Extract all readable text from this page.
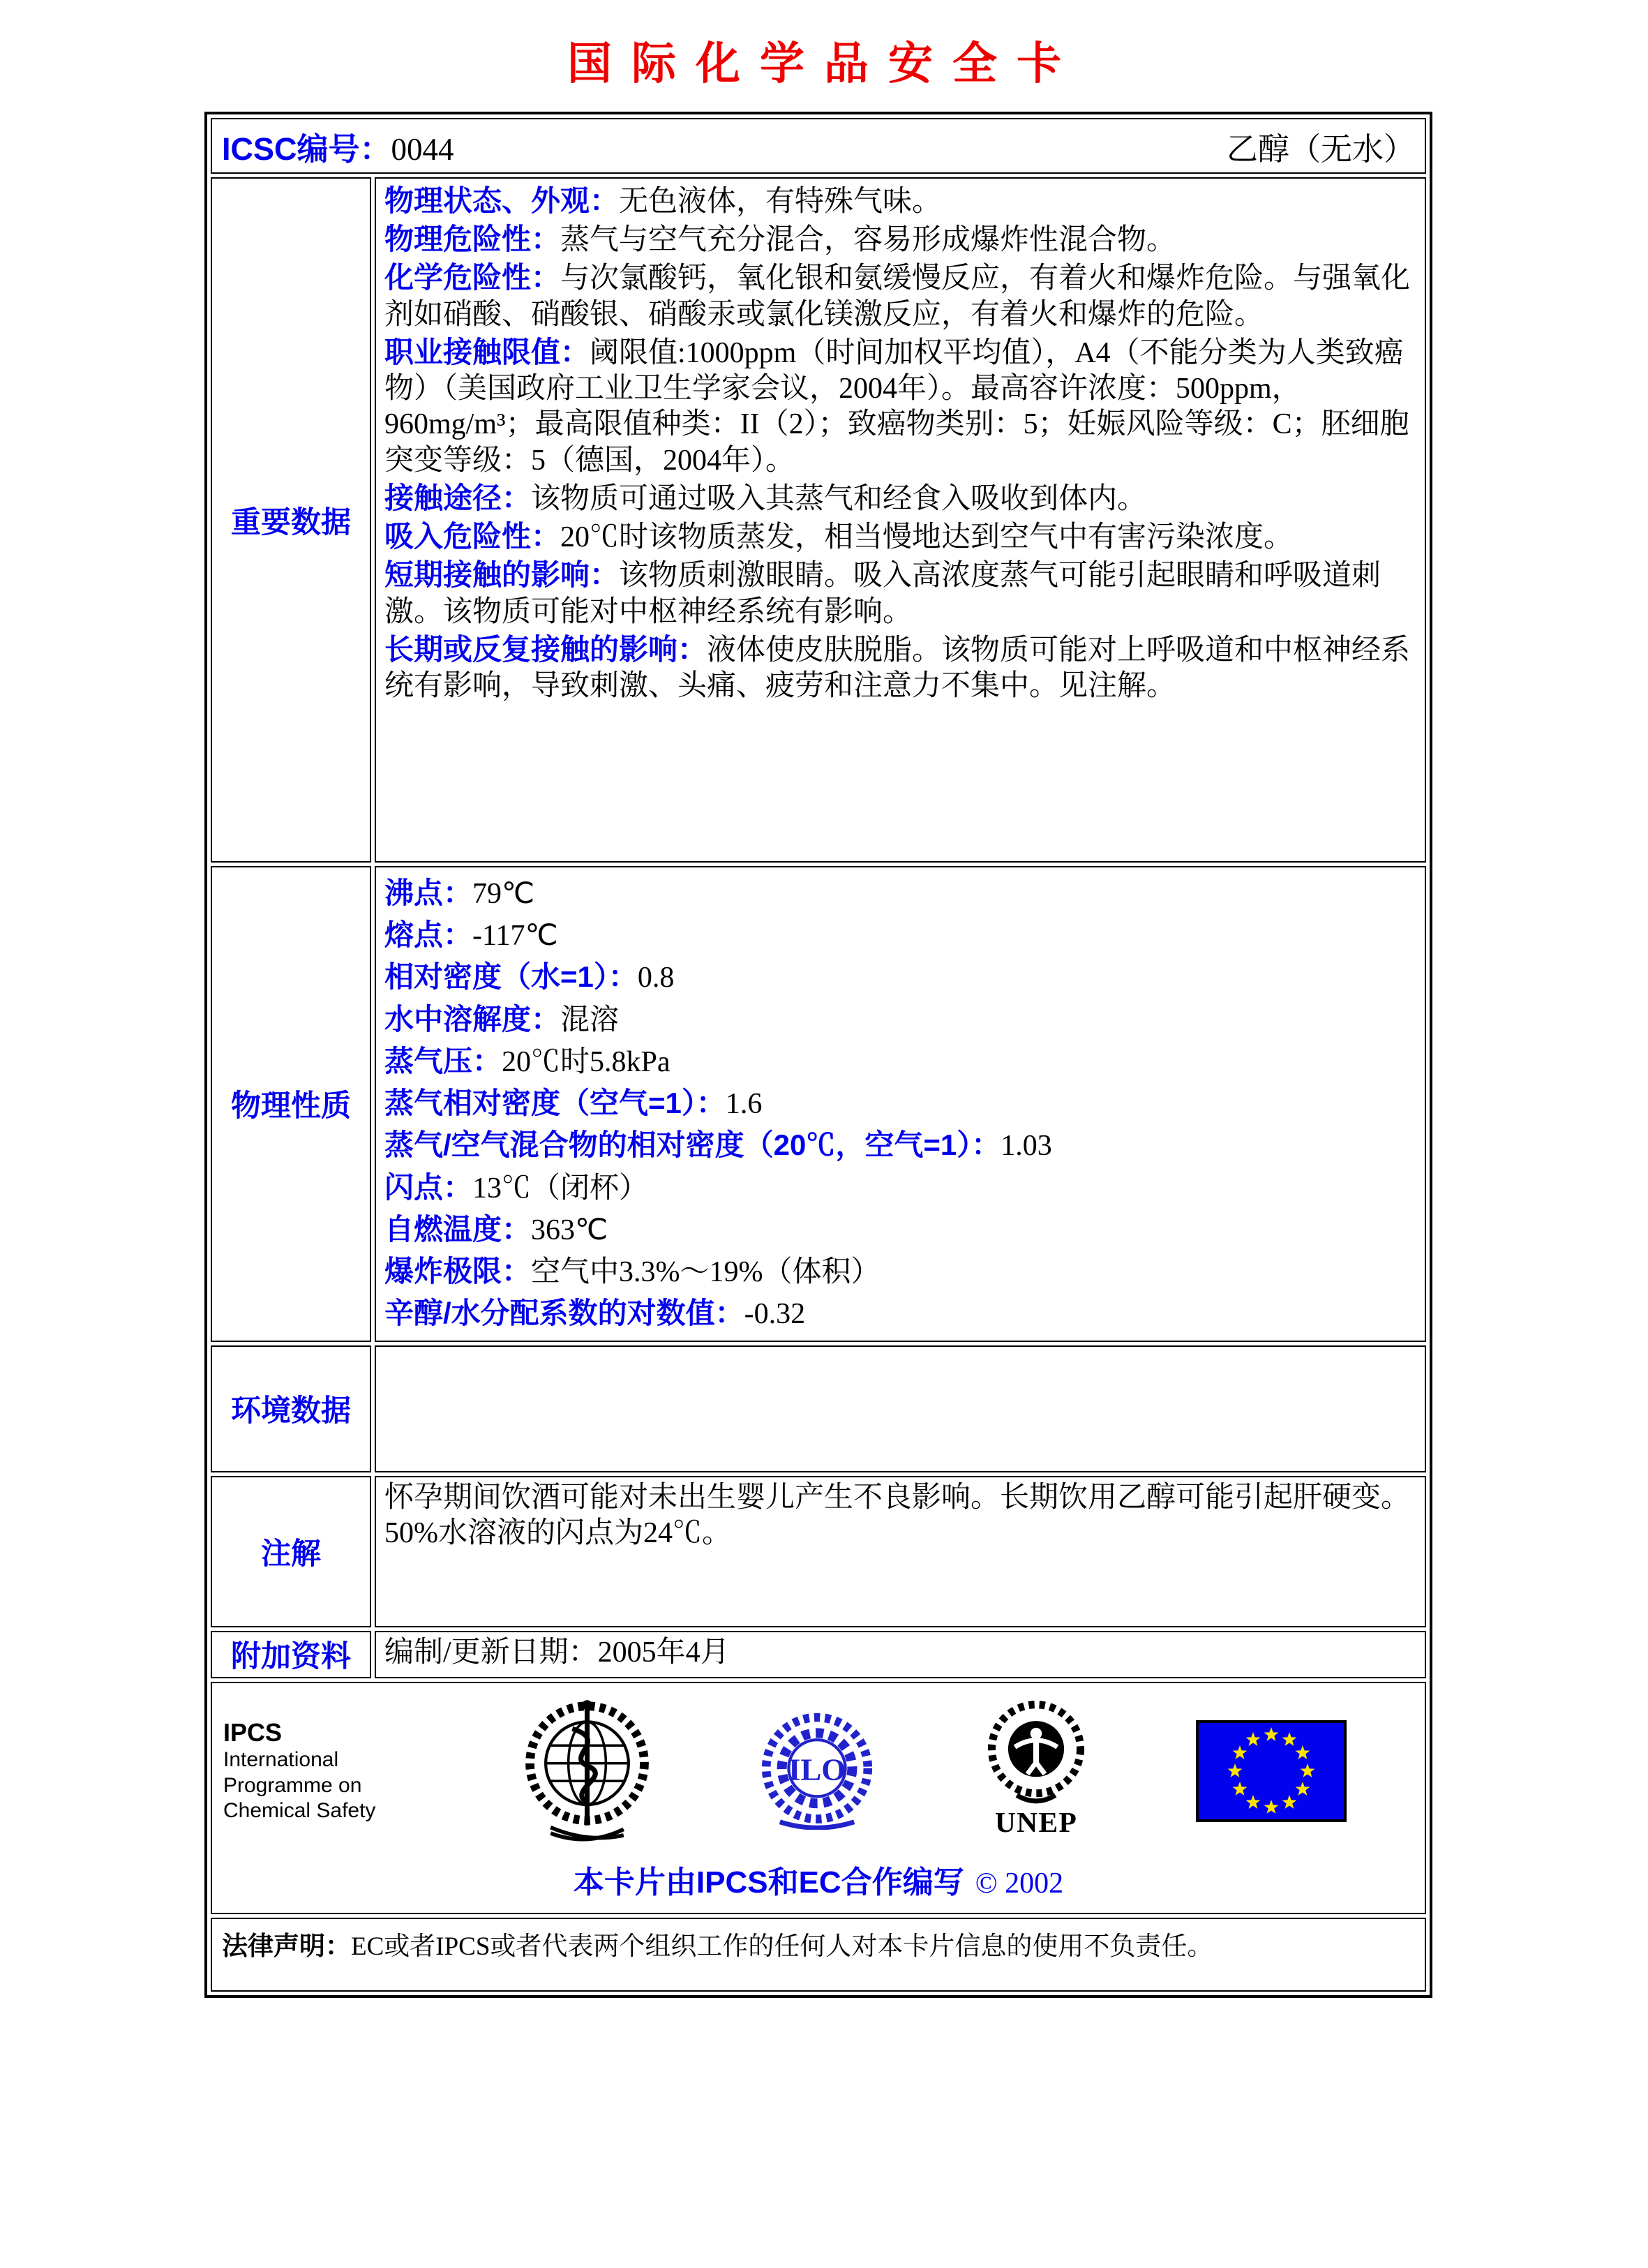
国际化学品安全卡
ICSC编号：0044 乙醇（无水）	

重要数据	
物理状态、外观：无色液体，有特殊气味。
物理危险性：蒸气与空气充分混合，容易形成爆炸性混合物。
化学危险性：与次氯酸钙，氧化银和氨缓慢反应，有着火和爆炸危险。与强氧化剂如硝酸、硝酸银、硝酸汞或氯化镁激反应，有着火和爆炸的危险。
职业接触限值：阈限值:1000ppm（时间加权平均值），A4（不能分类为人类致癌物）（美国政府工业卫生学家会议，2004年）。最高容许浓度：500ppm，960mg/m³；最高限值种类：II（2）；致癌物类别：5；妊娠风险等级：C；胚细胞突变等级：5（德国，2004年）。
接触途径：该物质可通过吸入其蒸气和经食入吸收到体内。
吸入危险性：20℃时该物质蒸发，相当慢地达到空气中有害污染浓度。
短期接触的影响：该物质刺激眼睛。吸入高浓度蒸气可能引起眼睛和呼吸道刺激。该物质可能对中枢神经系统有影响。
长期或反复接触的影响：液体使皮肤脱脂。该物质可能对上呼吸道和中枢神经系统有影响，导致刺激、头痛、疲劳和注意力不集中。见注解。

物理性质	
沸点：79℃
熔点：-117℃
相对密度（水=1）：0.8
水中溶解度：混溶
蒸气压：20℃时5.8kPa
蒸气相对密度（空气=1）：1.6
蒸气/空气混合物的相对密度（20℃，空气=1）：1.03
闪点：13℃（闭杯）
自燃温度：363℃
爆炸极限：空气中3.3%～19%（体积）
辛醇/水分配系数的对数值：-0.32

环境数据	
注解	怀孕期间饮酒可能对未出生婴儿产生不良影响。长期饮用乙醇可能引起肝硬变。 50%水溶液的闪点为24℃。
附加资料	编制/更新日期：2005年4月

IPCS
International
Programme on
Chemical Safety
ILO
UNEP
本卡片由IPCS和EC合作编写 © 2002

法律声明：EC或者IPCS或者代表两个组织工作的任何人对本卡片信息的使用不负责任。	
